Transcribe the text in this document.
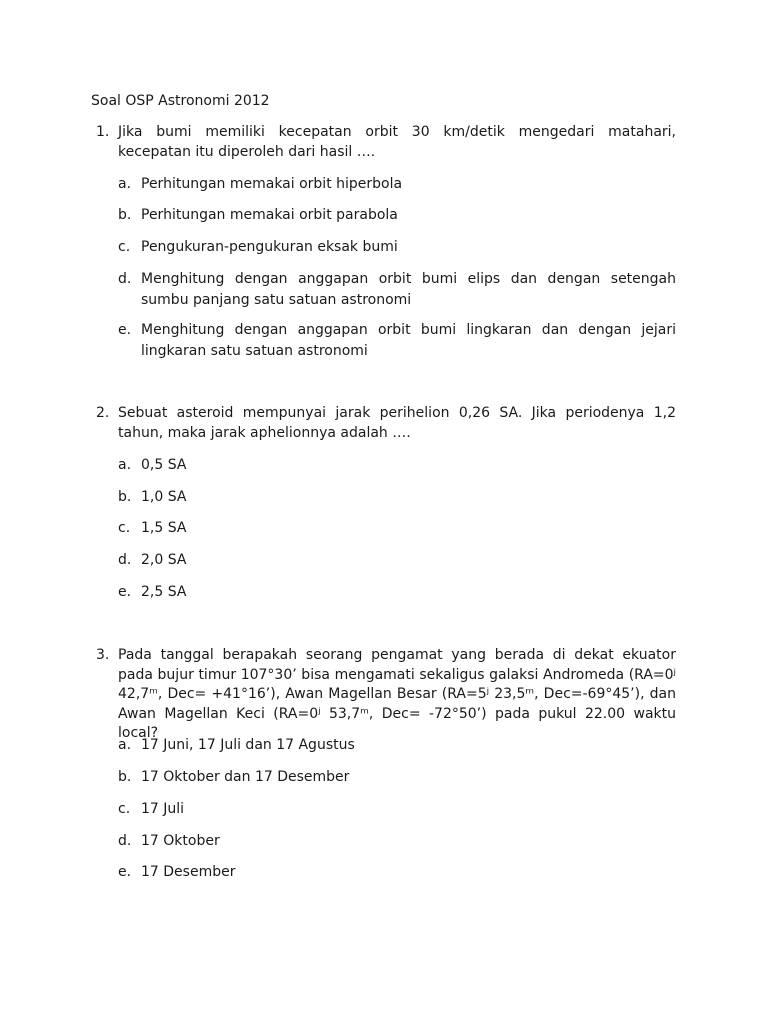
Soal OSP Astronomi 2012
1. Jika bumi memiliki kecepatan orbit 30 km/detik mengedari matahari, kecepatan itu diperoleh dari hasil ….
a. Perhitungan memakai orbit hiperbola
b. Perhitungan memakai orbit parabola
c. Pengukuran-pengukuran eksak bumi
d. Menghitung dengan anggapan orbit bumi elips dan dengan setengah sumbu panjang satu satuan astronomi
e. Menghitung dengan anggapan orbit bumi lingkaran dan dengan jejari lingkaran satu satuan astronomi
2. Sebuat asteroid mempunyai jarak perihelion 0,26 SA. Jika periodenya 1,2 tahun, maka jarak aphelionnya adalah ….
a. 0,5 SA
b. 1,0 SA
c. 1,5 SA
d. 2,0 SA
e. 2,5 SA
3. Pada tanggal berapakah seorang pengamat yang berada di dekat ekuator pada bujur timur 107°30’ bisa mengamati sekaligus galaksi Andromeda (RA=0ʲ 42,7ᵐ, Dec= +41°16’), Awan Magellan Besar (RA=5ʲ 23,5ᵐ, Dec=-69°45’), dan Awan Magellan Keci (RA=0ʲ 53,7ᵐ, Dec= -72°50’) pada pukul 22.00 waktu local?
a. 17 Juni, 17 Juli dan 17 Agustus
b. 17 Oktober dan 17 Desember
c. 17 Juli
d. 17 Oktober
e. 17 Desember
